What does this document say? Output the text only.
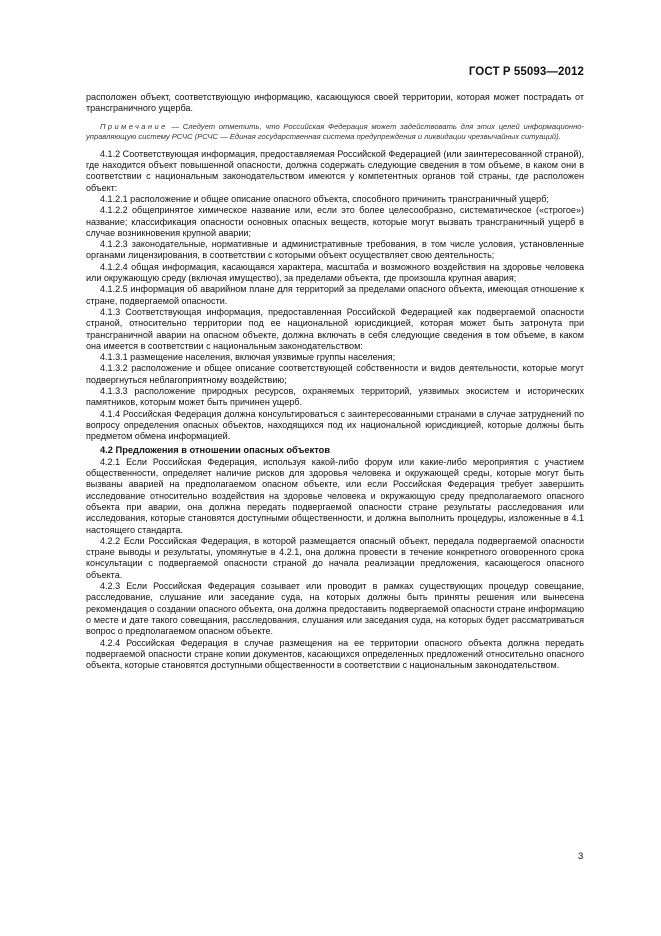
ГОСТ Р 55093—2012

расположен объект, соответствующую информацию, касающуюся своей территории, которая может пострадать от трансграничного ущерба.

Примечание — Следует отметить, что Российская Федерация может задействовать для этих целей информационно-управляющую систему РСЧС (РСЧС — Единая государственная система предупреждения и ликвидации чрезвычайных ситуаций).

4.1.2 Соответствующая информация, предоставляемая Российской Федерацией (или заинтересованной страной), где находится объект повышенной опасности, должна содержать следующие сведения в том объеме, в каком они в соответствии с национальным законодательством имеются у компетентных органов той страны, где расположен объект:

4.1.2.1 расположение и общее описание опасного объекта, способного причинить трансграничный ущерб;

4.1.2.2 общепринятое химическое название или, если это более целесообразно, систематическое («строгое») название; классификация опасности основных опасных веществ, которые могут вызвать трансграничный ущерб в случае возникновения крупной аварии;

4.1.2.3 законодательные, нормативные и административные требования, в том числе условия, установленные органами лицензирования, в соответствии с которыми объект осуществляет свою деятельность;

4.1.2.4 общая информация, касающаяся характера, масштаба и возможного воздействия на здоровье человека или окружающую среду (включая имущество), за пределами объекта, где произошла крупная авария;

4.1.2.5 информация об аварийном плане для территорий за пределами опасного объекта, имеющая отношение к стране, подвергаемой опасности.

4.1.3 Соответствующая информация, предоставленная Российской Федерацией как подвергаемой опасности страной, относительно территории под ее национальной юрисдикцией, которая может быть затронута при трансграничной аварии на опасном объекте, должна включать в себя следующие сведения в том объеме, в каком она имеется в соответствии с национальным законодательством:

4.1.3.1 размещение населения, включая уязвимые группы населения;

4.1.3.2 расположение и общее описание соответствующей собственности и видов деятельности, которые могут подвергнуться неблагоприятному воздействию;

4.1.3.3 расположение природных ресурсов, охраняемых территорий, уязвимых экосистем и исторических памятников, которым может быть причинен ущерб.

4.1.4 Российская Федерация должна консультироваться с заинтересованными странами в случае затруднений по вопросу определения опасных объектов, находящихся под их национальной юрисдикцией, которые должны быть предметом обмена информацией.

4.2 Предложения в отношении опасных объектов

4.2.1 Если Российская Федерация, используя какой-либо форум или какие-либо мероприятия с участием общественности, определяет наличие рисков для здоровья человека и окружающей среды, которые могут быть вызваны аварией на предполагаемом опасном объекте, или если Российская Федерация требует завершить исследование относительно воздействия на здоровье человека и окружающую среду предполагаемого опасного объекта при аварии, она должна передать подвергаемой опасности стране результаты расследования или исследования, которые становятся доступными общественности, и должна выполнить процедуры, изложенные в 4.1 настоящего стандарта.

4.2.2 Если Российская Федерация, в которой размещается опасный объект, передала подвергаемой опасности стране выводы и результаты, упомянутые в 4.2.1, она должна провести в течение конкретного оговоренного срока консультации с подвергаемой опасности страной до начала реализации предложения, касающегося опасного объекта.

4.2.3 Если Российская Федерация созывает или проводит в рамках существующих процедур совещание, расследование, слушание или заседание суда, на которых должны быть приняты решения или вынесена рекомендация о создании опасного объекта, она должна предоставить подвергаемой опасности стране информацию о месте и дате такого совещания, расследования, слушания или заседания суда, на которых будет рассматриваться вопрос о предполагаемом опасном объекте.

4.2.4 Российская Федерация в случае размещения на ее территории опасного объекта должна передать подвергаемой опасности стране копии документов, касающихся определенных предложений относительно опасного объекта, которые становятся доступными общественности в соответствии с национальным законодательством.

3
